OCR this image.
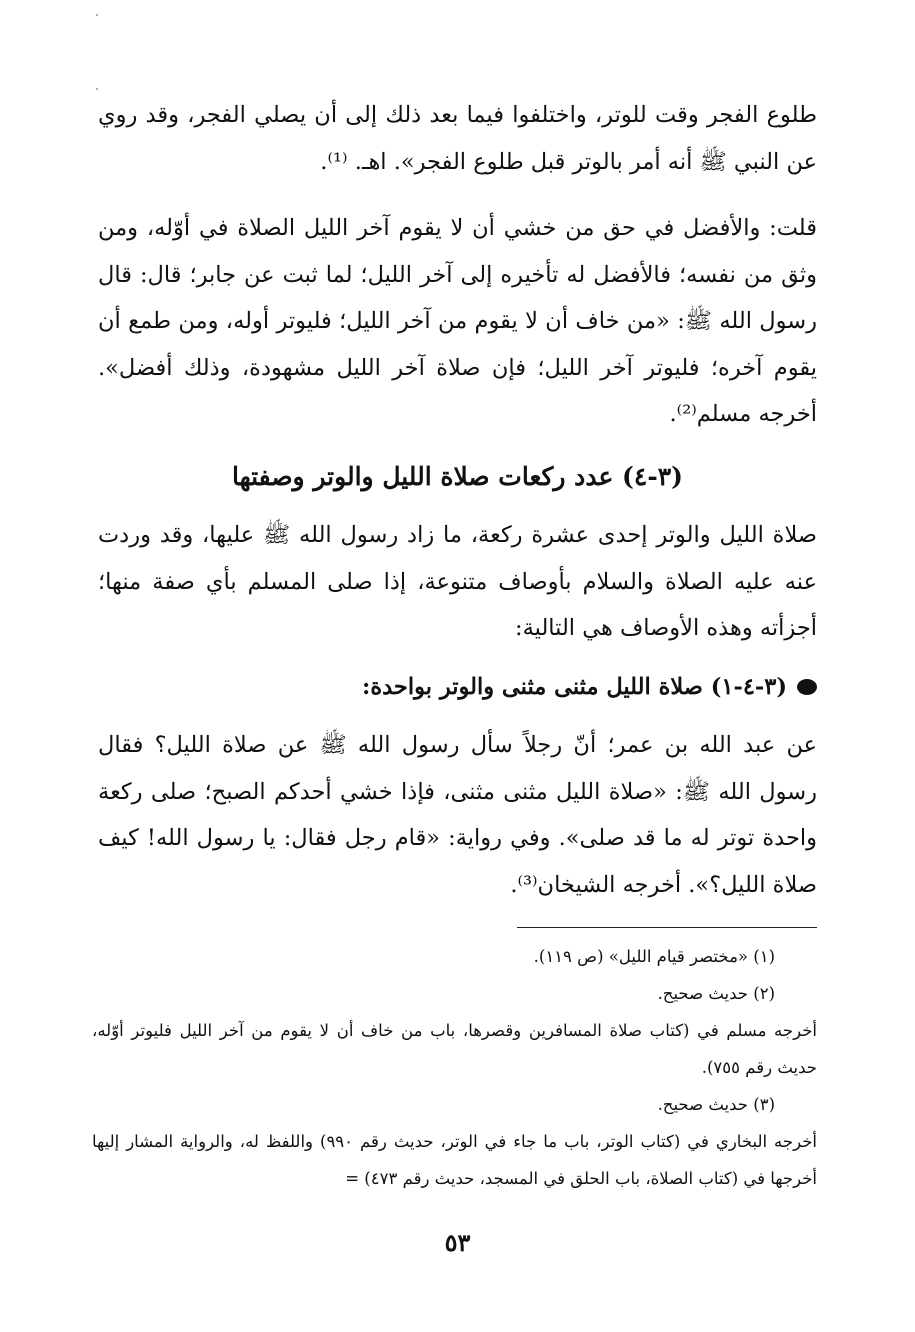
طلوع الفجر وقت للوتر، واختلفوا فيما بعد ذلك إلى أن يصلي الفجر، وقد روي عن النبي ﷺ أنه أمر بالوتر قبل طلوع الفجر». اهـ. ⁽¹⁾.

قلت: والأفضل في حق من خشي أن لا يقوم آخر الليل الصلاة في أوّله، ومن وثق من نفسه؛ فالأفضل له تأخيره إلى آخر الليل؛ لما ثبت عن جابر؛ قال: قال رسول الله ﷺ: «من خاف أن لا يقوم من آخر الليل؛ فليوتر أوله، ومن طمع أن يقوم آخره؛ فليوتر آخر الليل؛ فإن صلاة آخر الليل مشهودة، وذلك أفضل». أخرجه مسلم⁽²⁾.

(٣-٤) عدد ركعات صلاة الليل والوتر وصفتها

صلاة الليل والوتر إحدى عشرة ركعة، ما زاد رسول الله ﷺ عليها، وقد وردت عنه عليه الصلاة والسلام بأوصاف متنوعة، إذا صلى المسلم بأي صفة منها؛ أجزأته وهذه الأوصاف هي التالية:

(٣-٤-١) صلاة الليل مثنى مثنى والوتر بواحدة:

عن عبد الله بن عمر؛ أنّ رجلاً سأل رسول الله ﷺ عن صلاة الليل؟ فقال رسول الله ﷺ: «صلاة الليل مثنى مثنى، فإذا خشي أحدكم الصبح؛ صلى ركعة واحدة توتر له ما قد صلى». وفي رواية: «قام رجل فقال: يا رسول الله! كيف صلاة الليل؟». أخرجه الشيخان⁽³⁾.

(١) «مختصر قيام الليل» (ص ١١٩).

(٢) حديث صحيح.

أخرجه مسلم في (كتاب صلاة المسافرين وقصرها، باب من خاف أن لا يقوم من آخر الليل فليوتر أوّله، حديث رقم ٧٥٥).

(٣) حديث صحيح.

أخرجه البخاري في (كتاب الوتر، باب ما جاء في الوتر، حديث رقم ٩٩٠) واللفظ له، والرواية المشار إليها أخرجها في (كتاب الصلاة، باب الحلق في المسجد، حديث رقم ٤٧٣) =

٥٣
